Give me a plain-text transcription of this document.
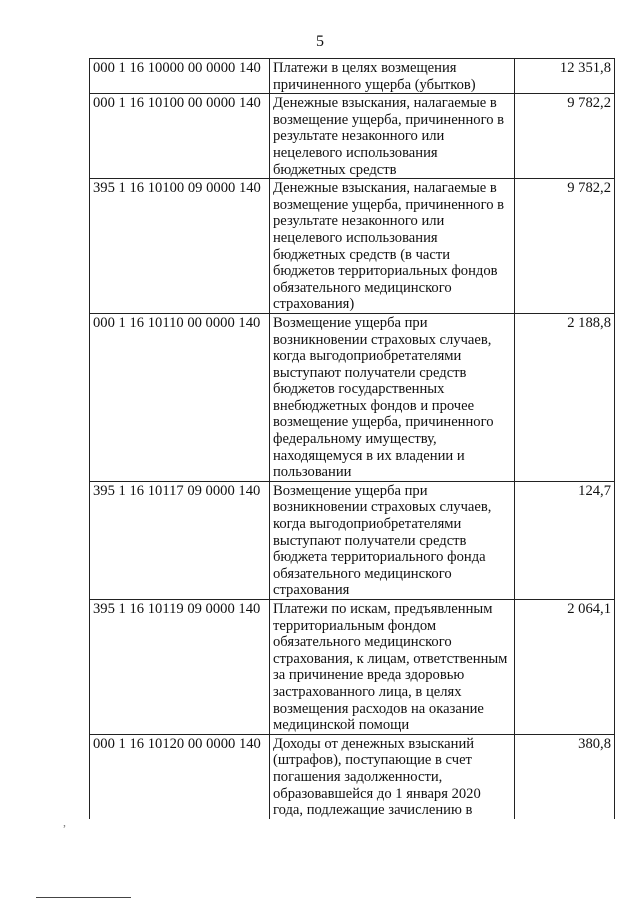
5
000 1 16 10000 00 0000 140	Платежи в целях возмещения причиненного ущерба (убытков)	12 351,8
000 1 16 10100 00 0000 140	Денежные взыскания, налагаемые в возмещение ущерба, причиненного в результате незаконного или нецелевого использования бюджетных средств	9 782,2
395 1 16 10100 09 0000 140	Денежные взыскания, налагаемые в возмещение ущерба, причиненного в результате незаконного или нецелевого использования бюджетных средств (в части бюджетов территориальных фондов обязательного медицинского страхования)	9 782,2
000 1 16 10110 00 0000 140	Возмещение ущерба при возникновении страховых случаев, когда выгодоприобретателями выступают получатели средств бюджетов государственных внебюджетных фондов и прочее возмещение ущерба, причиненного федеральному имуществу, находящемуся в их владении и пользовании	2 188,8
395 1 16 10117 09 0000 140	Возмещение ущерба при возникновении страховых случаев, когда выгодоприобретателями выступают получатели средств бюджета территориального фонда обязательного медицинского страхования	124,7
395 1 16 10119 09 0000 140	Платежи по искам, предъявленным территориальным фондом обязательного медицинского страхования, к лицам, ответственным за причинение вреда здоровью застрахованного лица, в целях возмещения расходов на оказание медицинской помощи	2 064,1
000 1 16 10120 00 0000 140	Доходы от денежных взысканий (штрафов), поступающие в счет погашения задолженности, образовавшейся до 1 января 2020 года, подлежащие зачислению в	380,8
,
